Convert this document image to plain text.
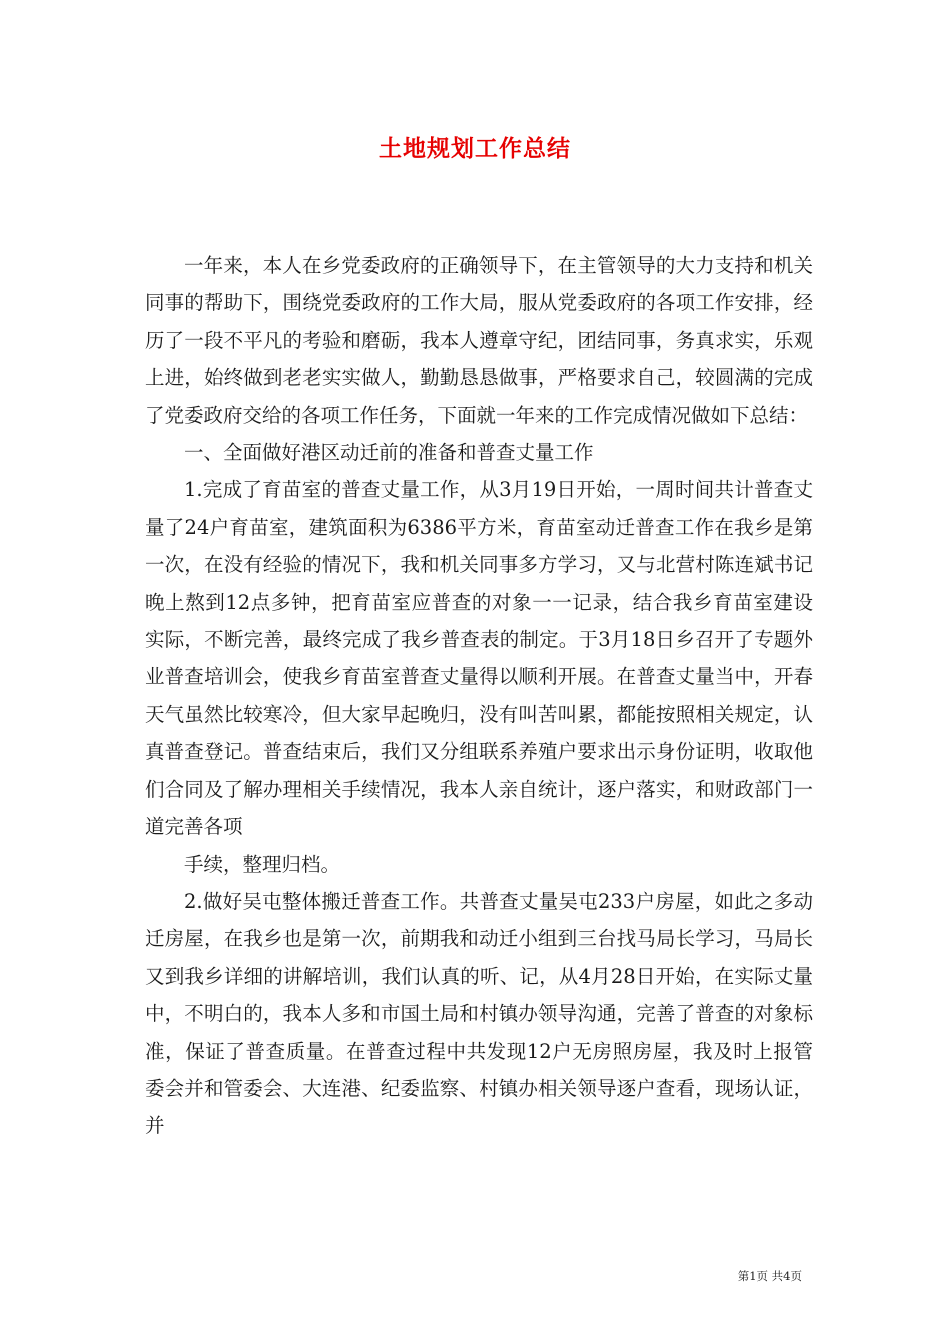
土地规划工作总结

一年来，本人在乡党委政府的正确领导下，在主管领导的大力支持和机关同事的帮助下，围绕党委政府的工作大局，服从党委政府的各项工作安排，经历了一段不平凡的考验和磨砺，我本人遵章守纪，团结同事，务真求实，乐观上进，始终做到老老实实做人，勤勤恳恳做事，严格要求自己，较圆满的完成了党委政府交给的各项工作任务，下面就一年来的工作完成情况做如下总结：

一、全面做好港区动迁前的准备和普查丈量工作

1.完成了育苗室的普查丈量工作，从3月19日开始，一周时间共计普查丈量了24户育苗室，建筑面积为6386平方米，育苗室动迁普查工作在我乡是第一次，在没有经验的情况下，我和机关同事多方学习，又与北营村陈连斌书记晚上熬到12点多钟，把育苗室应普查的对象一一记录，结合我乡育苗室建设实际，不断完善，最终完成了我乡普查表的制定。于3月18日乡召开了专题外业普查培训会，使我乡育苗室普查丈量得以顺利开展。在普查丈量当中，开春天气虽然比较寒冷，但大家早起晚归，没有叫苦叫累，都能按照相关规定，认真普查登记。普查结束后，我们又分组联系养殖户要求出示身份证明，收取他们合同及了解办理相关手续情况，我本人亲自统计，逐户落实，和财政部门一道完善各项

手续，整理归档。

2.做好吴屯整体搬迁普查工作。共普查丈量吴屯233户房屋，如此之多动迁房屋，在我乡也是第一次，前期我和动迁小组到三台找马局长学习，马局长又到我乡详细的讲解培训，我们认真的听、记，从4月28日开始，在实际丈量中，不明白的，我本人多和市国土局和村镇办领导沟通，完善了普查的对象标准，保证了普查质量。在普查过程中共发现12户无房照房屋，我及时上报管委会并和管委会、大连港、纪委监察、村镇办相关领导逐户查看，现场认证，并

第1页 共4页
